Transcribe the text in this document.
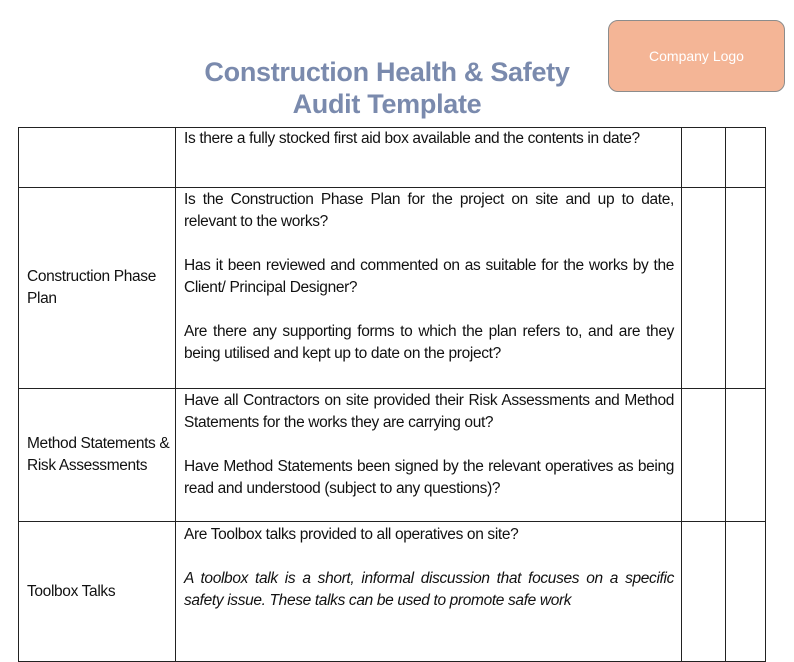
Company Logo
Construction Health & Safety
Audit Template

	Is there a fully stocked first aid box available and the contents in date?		

Construction Phase Plan	Is the Construction Phase Plan for the project on site and up to date, relevant to the works?

Has it been reviewed and commented on as suitable for the works by the Client/ Principal Designer?

Are there any supporting forms to which the plan refers to, and are they being utilised and kept up to date on the project?		

Method Statements & Risk Assessments	Have all Contractors on site provided their Risk Assessments and Method Statements for the works they are carrying out?

Have Method Statements been signed by the relevant operatives as being read and understood (subject to any questions)?		

Toolbox Talks	Are Toolbox talks provided to all operatives on site?

A toolbox talk is a short, informal discussion that focuses on a specific safety issue. These talks can be used to promote safe work		
